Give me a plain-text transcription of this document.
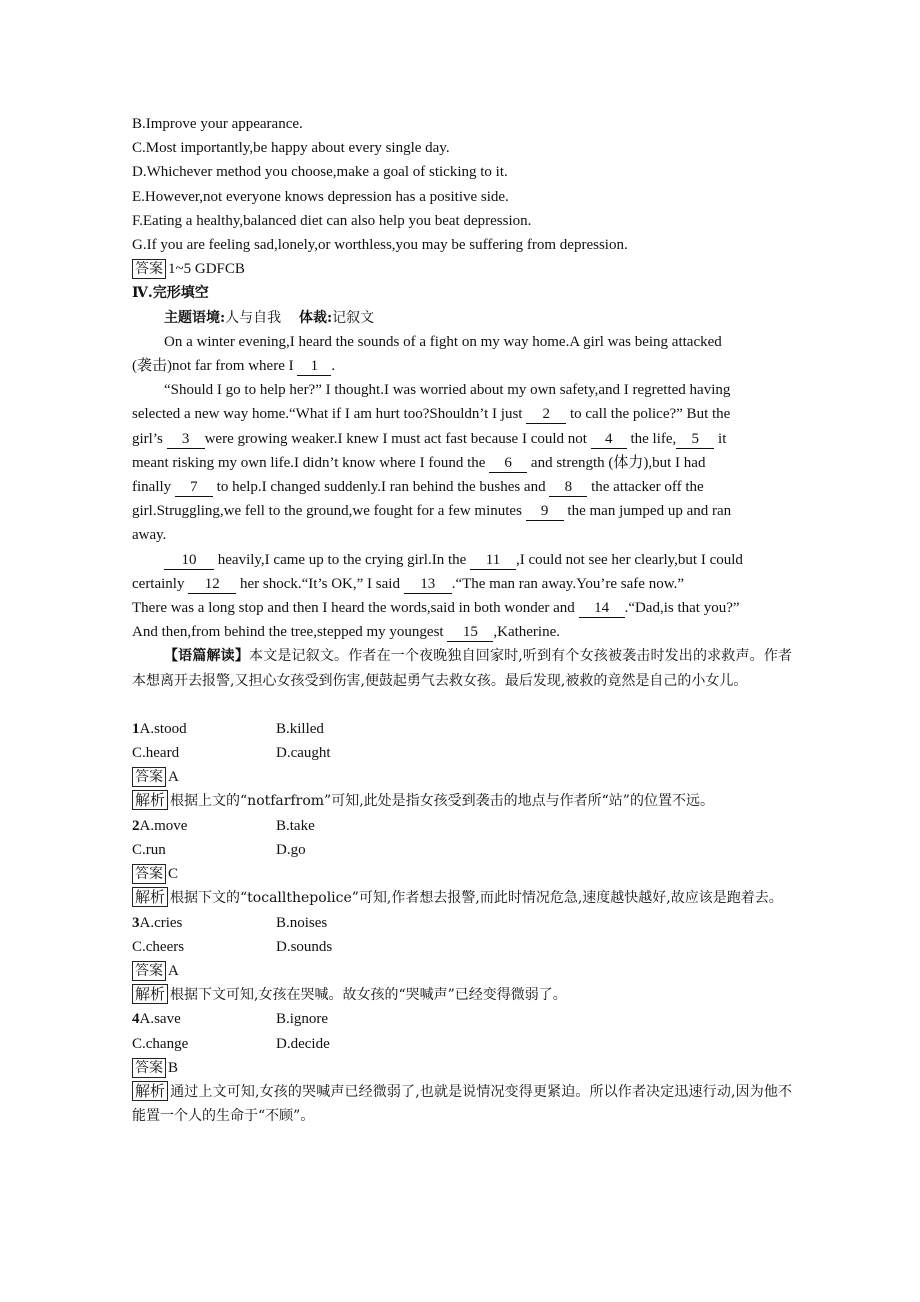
B.Improve your appearance.
C.Most importantly,be happy about every single day.
D.Whichever method you choose,make a goal of sticking to it.
E.However,not everyone knows depression has a positive side.
F.Eating a healthy,balanced diet can also help you beat depression.
G.If you are feeling sad,lonely,or worthless,you may be suffering from depression.
答案 1~5 GDFCB
Ⅳ.完形填空
主题语境:人与自我 体裁:记叙文
On a winter evening,I heard the sounds of a fight on my way home.A girl was being attacked
(袭击)not far from where I 1 .
“Should I go to help her?” I thought.I was worried about my own safety,and I regretted having
selected a new way home.“What if I am hurt too?Shouldn’t I just 2 to call the police?” But the
girl’s 3 were growing weaker.I knew I must act fast because I could not 4 the life, 5 it
meant risking my own life.I didn’t know where I found the 6 and strength (体力),but I had
finally 7 to help.I changed suddenly.I ran behind the bushes and 8 the attacker off the
girl.Struggling,we fell to the ground,we fought for a few minutes 9 the man jumped up and ran
away.
10 heavily,I came up to the crying girl.In the 11 ,I could not see her clearly,but I could
certainly 12 her shock.“It’s OK,” I said 13 .“The man ran away.You’re safe now.”
There was a long stop and then I heard the words,said in both wonder and 14 .“Dad,is that you?”
And then,from behind the tree,stepped my youngest 15 ,Katherine.
【语篇解读】本文是记叙文。作者在一个夜晚独自回家时,听到有个女孩被袭击时发出的求救声。作者本想离开去报警,又担心女孩受到伤害,便鼓起勇气去救女孩。最后发现,被救的竟然是自己的小女儿。
1A.stood	B.killed
C.heard	D.caught
答案 A
解析 根据上文的“notfarfrom”可知,此处是指女孩受到袭击的地点与作者所“站”的位置不远。
2A.move	B.take
C.run	D.go
答案 C
解析 根据下文的“tocallthepolice”可知,作者想去报警,而此时情况危急,速度越快越好,故应该是跑着去。
3A.cries	B.noises
C.cheers	D.sounds
答案 A
解析 根据下文可知,女孩在哭喊。故女孩的“哭喊声”已经变得微弱了。
4A.save	B.ignore
C.change	D.decide
答案 B
解析 通过上文可知,女孩的哭喊声已经微弱了,也就是说情况变得更紧迫。所以作者决定迅速行动,因为他不能置一个人的生命于“不顾”。
